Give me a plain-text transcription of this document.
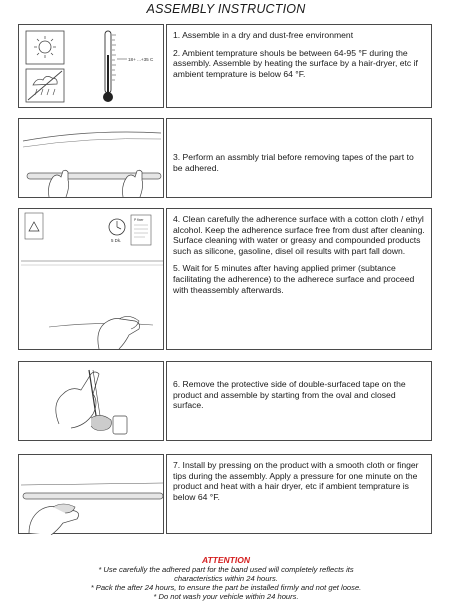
ASSEMBLY INSTRUCTION
18+ ...+35 C

1. Assemble in a dry and dust-free environment

2. Ambient temprature shouls be between 64-95 °F during the assembly. Assemble by heating the surface by a hair-dryer, etc if ambient temprature is below 64 °F.

3. Perform an assmbly trial before removing tapes of the part to be adhered.

5 Dk.
P fixer	4. Clean carefully the adherence surface with a cotton cloth / ethyl alcohol. Keep the adherence surface free from dust after cleaning. Surface cleaning with water or greasy and compounded products such as silicone, gasoline, disel oil results with part fall down.

5. Wait for 5 minutes after having applied primer (subtance facilitating the adherence) to the adherece surface and proceed with theassembly afterwards.

6. Remove the protective side of double-surfaced tape on the product and assemble by starting from the oval and closed surface.

7. Install by pressing on the product with a smooth cloth or finger tips during the assembly. Apply a pressure for one minute on the product and heat with a hair dryer, etc if ambient temprature is below 64 °F.

ATTENTION
* Use carefully the adhered part for the band used will completely reflects its
characteristics within 24 hours.
* Pack the after 24 hours, to ensure the part be installed firmly and not get loose.
* Do not wash your vehicle within 24 hours.
